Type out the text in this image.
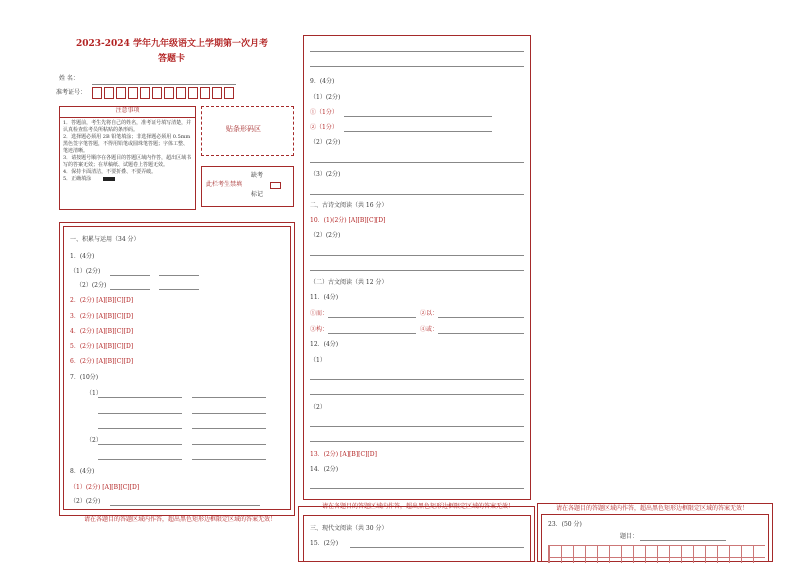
2023-2024 学年九年级语文上学期第一次月考
答题卡
姓 名：
准考证号：
注意事项
1．答题前，考生先将自己的姓名，准考证号填写清楚，并认真检查监考员所粘贴的条形码。
2．选择题必须用 2B 铅笔填涂；非选择题必须用 0.5mm 黑色签字笔答题，不得用铅笔或圆珠笔答题；字体工整、笔迹清晰。
3．请按题号顺序在各题目的答题区域内作答，超出区域书写的答案无效；在草稿纸、试题卷上答题无效。
4．保持卡面清洁，不要折叠、不要弄破。
5．正确填涂
贴条形码区
缺考
此栏考生禁填
标记
一、积累与运用（34 分）
1．(4分)
（1）(2分)
（2）(2分)
2．(2分) [A][B][C][D]
3．(2分) [A][B][C][D]
4．(2分) [A][B][C][D]
5．(2分) [A][B][C][D]
6．(2分) [A][B][C][D]
7．(10分)
（1）
（2）
8．(4分)
（1）(2分) [A][B][C][D]
（2）(2分)
请在各题目的答题区域内作答，超出黑色矩形边框限定区域的答案无效！
9．(4分)
（1）(2分)
①（1分）
②（1分）
（2）(2分)
（3）(2分)
二、古诗文阅读（共 16 分）
10．(1)(2分) [A][B][C][D]
（2）(2分)
（二）古文阅读（共 12 分）
11．(4分)
①而：	②以：
③构：	④或：
12．(4分)
（1）
（2）
13．(2分) [A][B][C][D]
14．(2分)
请在各题目的答题区域内作答，超出黑色矩形边框限定区域的答案无效！
三、现代文阅读（共 30 分）
15．(2分)
请在各题目的答题区域内作答，超出黑色矩形边框限定区域的答案无效！
23．(50 分)
题目：
